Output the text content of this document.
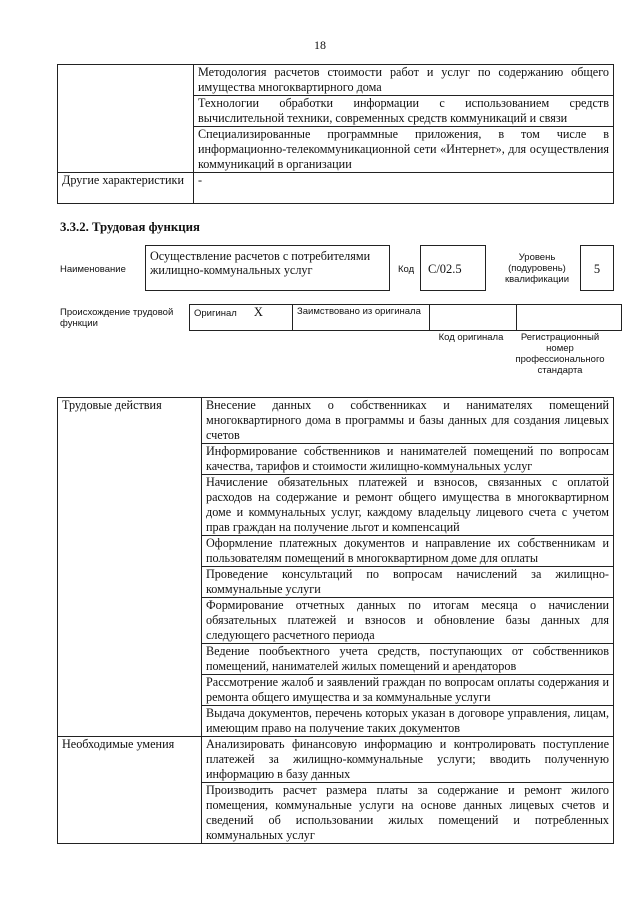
18
	Методология расчетов стоимости работ и услуг по содержанию общего имущества многоквартирного дома
	Технологии обработки информации с использованием средств вычислительной техники, современных средств коммуникаций и связи
	Специализированные программные приложения, в том числе в информационно-телекоммуникационной сети «Интернет», для осуществления коммуникаций в организации
Другие характеристики	-
3.3.2. Трудовая функция
Наименование
Осуществление расчетов с потребителями жилищно-коммунальных услуг	Код	С/02.5
Уровень (подуровень) квалификации
5
Происхождение трудовой функции
Оригинал X	Заимствовано из оригинала		
Код оригинала	Регистрационный номер профессионального стандарта
Трудовые действия	Внесение данных о собственниках и нанимателях помещений многоквартирного дома в программы и базы данных для создания лицевых счетов
	Информирование собственников и нанимателей помещений по вопросам качества, тарифов и стоимости жилищно-коммунальных услуг
	Начисление обязательных платежей и взносов, связанных с оплатой расходов на содержание и ремонт общего имущества в многоквартирном доме и коммунальных услуг, каждому владельцу лицевого счета с учетом прав граждан на получение льгот и компенсаций
	Оформление платежных документов и направление их собственникам и пользователям помещений в многоквартирном доме для оплаты
	Проведение консультаций по вопросам начислений за жилищно-коммунальные услуги
	Формирование отчетных данных по итогам месяца о начислении обязательных платежей и взносов и обновление базы данных для следующего расчетного периода
	Ведение пообъектного учета средств, поступающих от собственников помещений, нанимателей жилых помещений и арендаторов
	Рассмотрение жалоб и заявлений граждан по вопросам оплаты содержания и ремонта общего имущества и за коммунальные услуги
	Выдача документов, перечень которых указан в договоре управления, лицам, имеющим право на получение таких документов
Необходимые умения	Анализировать финансовую информацию и контролировать поступление платежей за жилищно-коммунальные услуги; вводить полученную информацию в базу данных
	Производить расчет размера платы за содержание и ремонт жилого помещения, коммунальные услуги на основе данных лицевых счетов и сведений об использовании жилых помещений и потребленных коммунальных услуг
